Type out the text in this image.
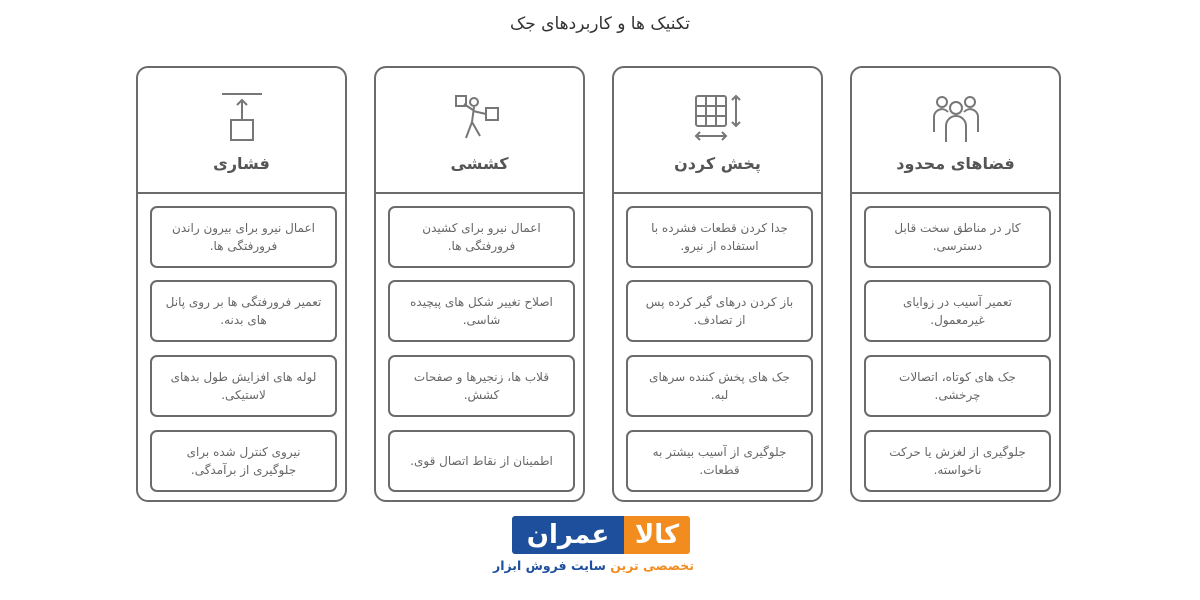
تکنیک ها و کاربردهای جک
فشاری
اعمال نیرو برای بیرون راندن فرورفتگی ها.
تعمیر فرورفتگی ها بر روی پانل های بدنه.
لوله های افزایش طول بدهای لاستیکی.
نیروی کنترل شده برای جلوگیری از برآمدگی.
کششی
اعمال نیرو برای کشیدن فرورفتگی ها.
اصلاح تغییر شکل های پیچیده شاسی.
قلاب ها، زنجیرها و صفحات کشش.
اطمینان از نقاط اتصال قوی.
پخش کردن
جدا کردن قطعات فشرده با استفاده از نیرو.
باز کردن درهای گیر کرده پس از تصادف.
جک های پخش کننده سرهای لبه.
جلوگیری از آسیب بیشتر به قطعات.
فضاهای محدود
کار در مناطق سخت قابل دسترسی.
تعمیر آسیب در زوایای غیرمعمول.
جک های کوتاه، اتصالات چرخشی.
جلوگیری از لغزش یا حرکت ناخواسته.
عمران کالا
تخصصی ترین سایت فروش ابزار
